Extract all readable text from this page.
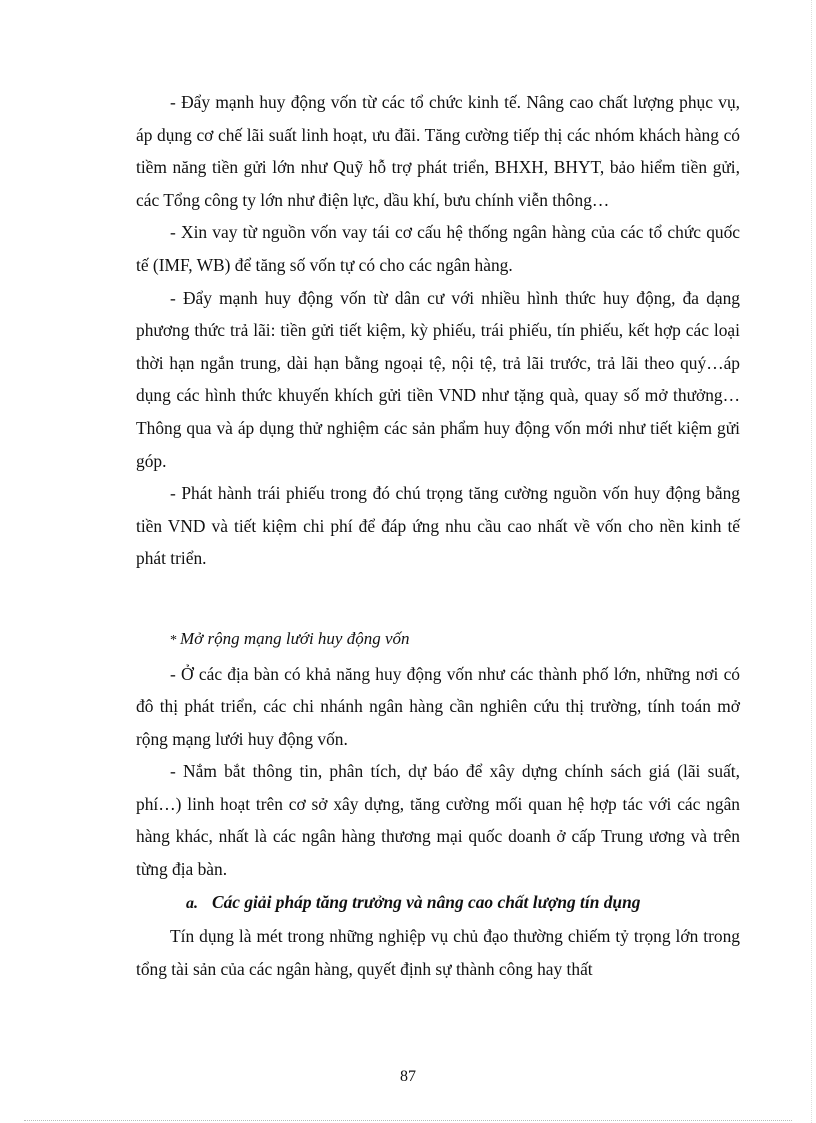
- Đẩy mạnh huy động vốn từ các tổ chức kinh tế. Nâng cao chất lượng phục vụ, áp dụng cơ chế lãi suất linh hoạt, ưu đãi. Tăng cường tiếp thị các nhóm khách hàng có tiềm năng tiền gửi lớn như Quỹ hỗ trợ phát triển, BHXH, BHYT, bảo hiểm tiền gửi, các Tổng công ty lớn như điện lực, dầu khí, bưu chính viễn thông…

- Xin vay từ nguồn vốn vay tái cơ cấu hệ thống ngân hàng của các tổ chức quốc tế (IMF, WB) để tăng số vốn tự có cho các ngân hàng.

- Đẩy mạnh huy động vốn từ dân cư với nhiều hình thức huy động, đa dạng phương thức trả lãi: tiền gửi tiết kiệm, kỳ phiếu, trái phiếu, tín phiếu, kết hợp các loại thời hạn ngắn trung, dài hạn bằng ngoại tệ, nội tệ, trả lãi trước, trả lãi theo quý…áp dụng các hình thức khuyến khích gửi tiền VND như tặng quà, quay số mở thưởng…Thông qua và áp dụng thử nghiệm các sản phẩm huy động vốn mới như tiết kiệm gửi góp.

- Phát hành trái phiếu trong đó chú trọng tăng cường nguồn vốn huy động bằng tiền VND và tiết kiệm chi phí để đáp ứng nhu cầu cao nhất về vốn cho nền kinh tế phát triển.

* Mở rộng mạng lưới huy động vốn

- Ở các địa bàn có khả năng huy động vốn như các thành phố lớn, những nơi có đô thị phát triển, các chi nhánh ngân hàng cần nghiên cứu thị trường, tính toán mở rộng mạng lưới huy động vốn.

- Nắm bắt thông tin, phân tích, dự báo để xây dựng chính sách giá (lãi suất, phí…) linh hoạt trên cơ sở xây dựng, tăng cường mối quan hệ hợp tác với các ngân hàng khác, nhất là các ngân hàng thương mại quốc doanh ở cấp Trung ương và trên từng địa bàn.

a. Các giải pháp tăng trưởng và nâng cao chất lượng tín dụng

Tín dụng là mét trong những nghiệp vụ chủ đạo thường chiếm tỷ trọng lớn trong tổng tài sản của các ngân hàng, quyết định sự thành công hay thất

87
